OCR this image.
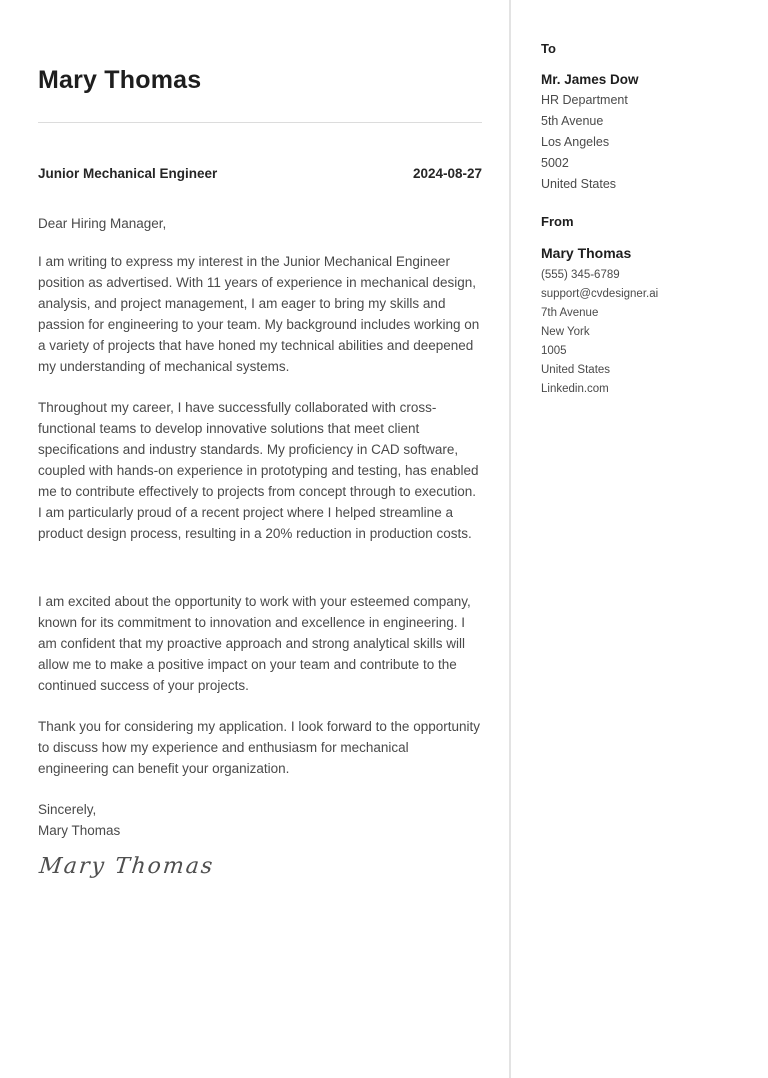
Mary Thomas
Junior Mechanical Engineer	2024-08-27

Dear Hiring Manager,

I am writing to express my interest in the Junior Mechanical Engineer position as advertised. With 11 years of experience in mechanical design, analysis, and project management, I am eager to bring my skills and passion for engineering to your team. My background includes working on a variety of projects that have honed my technical abilities and deepened my understanding of mechanical systems.

Throughout my career, I have successfully collaborated with cross-functional teams to develop innovative solutions that meet client specifications and industry standards. My proficiency in CAD software, coupled with hands-on experience in prototyping and testing, has enabled me to contribute effectively to projects from concept through to execution. I am particularly proud of a recent project where I helped streamline a product design process, resulting in a 20% reduction in production costs.

I am excited about the opportunity to work with your esteemed company, known for its commitment to innovation and excellence in engineering. I am confident that my proactive approach and strong analytical skills will allow me to make a positive impact on your team and contribute to the continued success of your projects.

Thank you for considering my application. I look forward to the opportunity to discuss how my experience and enthusiasm for mechanical engineering can benefit your organization.

Sincerely,
Mary Thomas
Mary Thomas
To
Mr. James Dow
HR Department
5th Avenue
Los Angeles
5002
United States
From
Mary Thomas
(555) 345-6789
support@cvdesigner.ai
7th Avenue
New York
1005
United States
Linkedin.com
